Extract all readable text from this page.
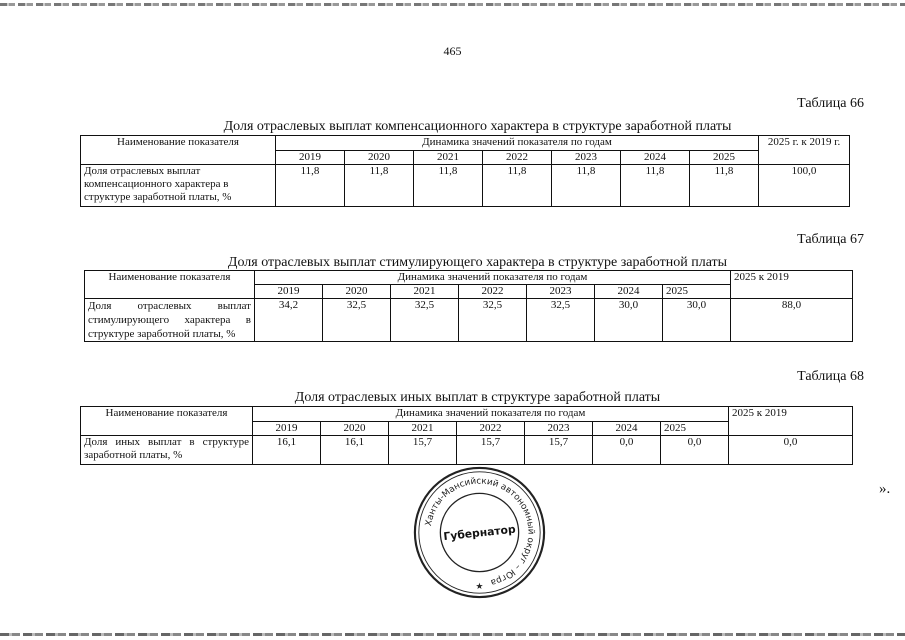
465
Таблица 66
Доля отраслевых выплат компенсационного характера в структуре заработной платы
Наименование показателя	Динамика значений показателя по годам							2025 г. к 2019 г.
	2019	2020	2021	2022	2023	2024	2025	
Доля отраслевых выплат компенсационного характера в структуре заработной платы, %	11,8	11,8	11,8	11,8	11,8	11,8	11,8	100,0
Таблица 67
Доля отраслевых выплат стимулирующего характера в структуре заработной платы
Наименование показателя	Динамика значений показателя по годам							2025 к 2019
	2019	2020	2021	2022	2023	2024	2025	
Доля отраслевых выплат стимулирующего характера в структуре заработной платы, %	34,2	32,5	32,5	32,5	32,5	30,0	30,0	88,0
Таблица 68
Доля отраслевых иных выплат в структуре заработной платы
Наименование показателя	Динамика значений показателя по годам							2025 к 2019
	2019	2020	2021	2022	2023	2024	2025	
Доля иных выплат в структуре заработной платы, %	16,1	16,1	15,7	15,7	15,7	0,0	0,0	0,0
».
Ханты-Мансийский автономный округ – Югра
Губернатор
★
